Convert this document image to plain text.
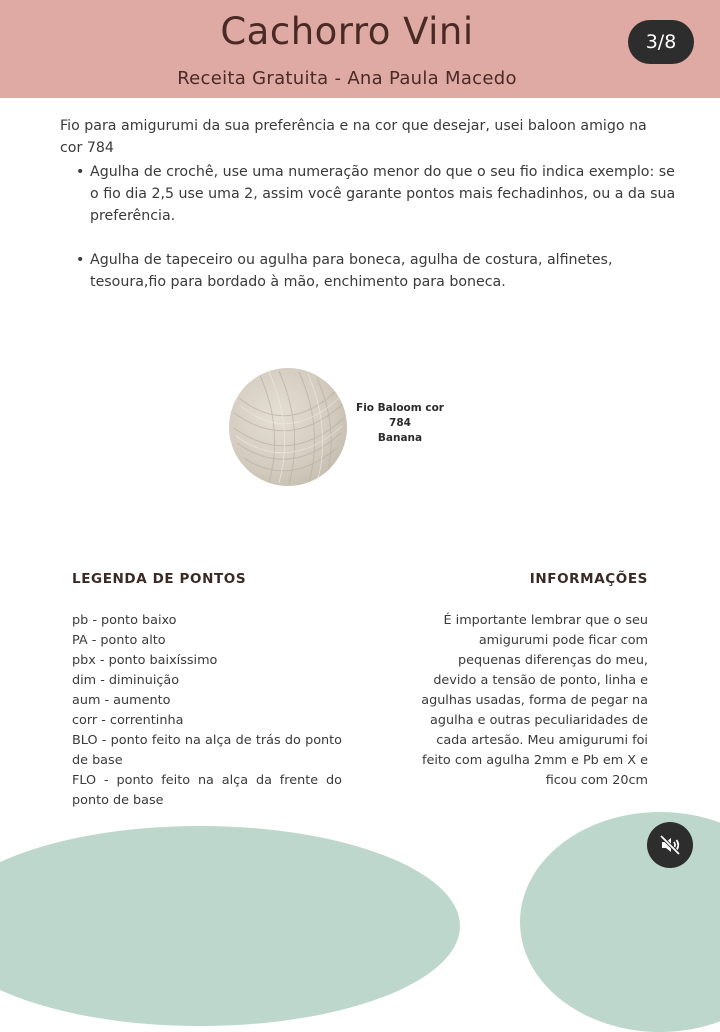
Cachorro Vini
Receita Gratuita - Ana Paula Macedo
3/8
Fio para amigurumi da sua preferência e na cor que desejar, usei baloon amigo na cor 784
• Agulha de crochê, use uma numeração menor do que o seu fio indica exemplo: se o fio dia 2,5 use uma 2, assim você garante pontos mais fechadinhos, ou a da sua preferência.
• Agulha de tapeceiro ou agulha para boneca, agulha de costura, alfinetes, tesoura,fio para bordado à mão, enchimento para boneca.
Fio Baloom cor
784
Banana
LEGENDA DE PONTOS
pb - ponto baixo
PA - ponto alto
pbx - ponto baixíssimo
dim - diminuição
aum - aumento
corr - correntinha
BLO - ponto feito na alça de trás do ponto de base
FLO - ponto feito na alça da frente do ponto de base
INFORMAÇÕES
É importante lembrar que o seu amigurumi pode ficar com pequenas diferenças do meu, devido a tensão de ponto, linha e agulhas usadas, forma de pegar na agulha e outras peculiaridades de cada artesão. Meu amigurumi foi feito com agulha 2mm e Pb em X e ficou com 20cm
